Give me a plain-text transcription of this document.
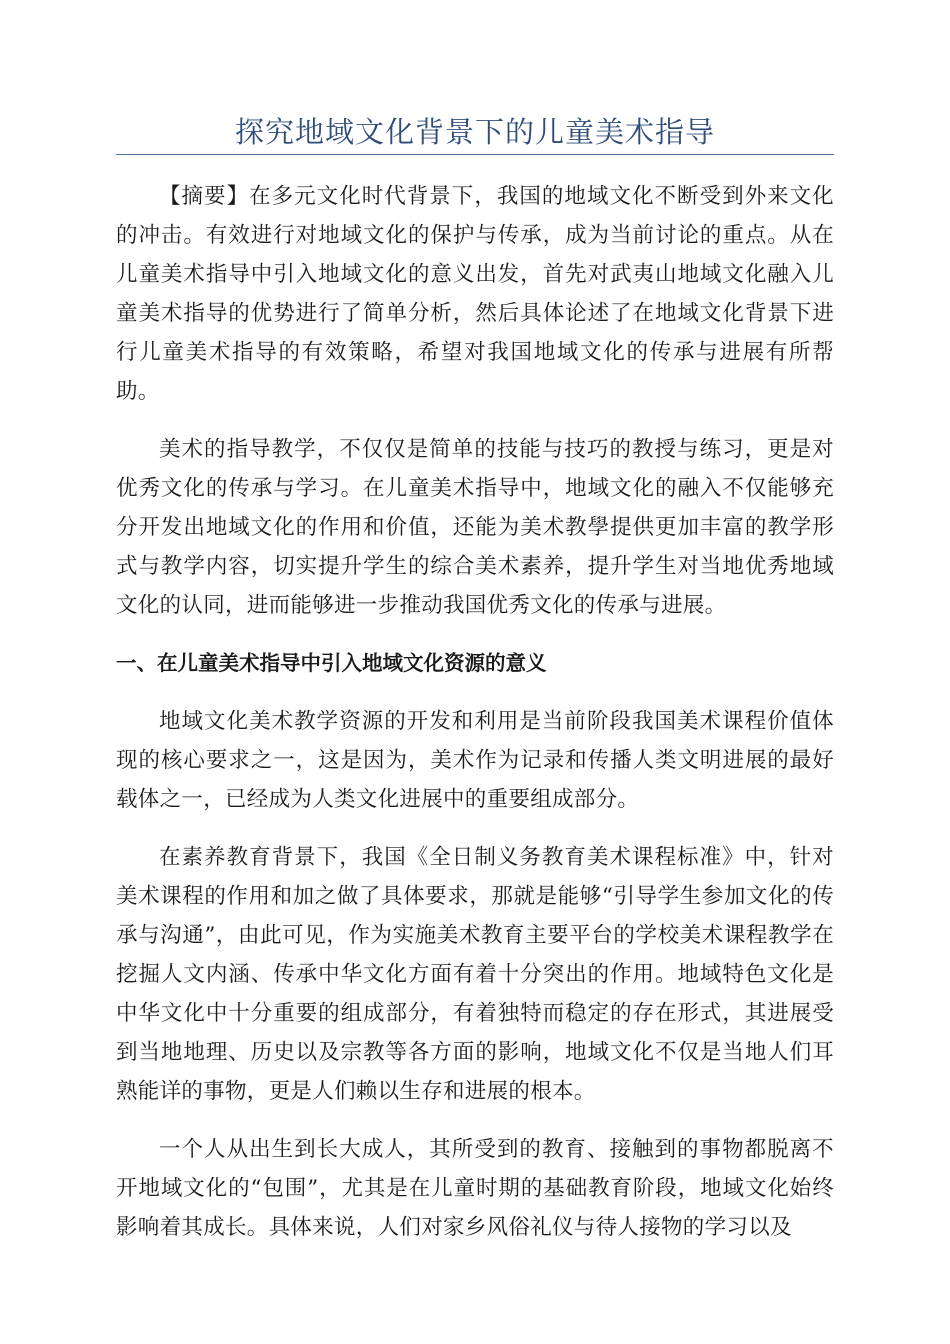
探究地域文化背景下的儿童美术指导

【摘要】在多元文化时代背景下，我国的地域文化不断受到外来文化的冲击。有效进行对地域文化的保护与传承，成为当前讨论的重点。从在儿童美术指导中引入地域文化的意义出发，首先对武夷山地域文化融入儿童美术指导的优势进行了简单分析，然后具体论述了在地域文化背景下进行儿童美术指导的有效策略，希望对我国地域文化的传承与进展有所帮助。

美术的指导教学，不仅仅是简单的技能与技巧的教授与练习，更是对优秀文化的传承与学习。在儿童美术指导中，地域文化的融入不仅能够充分开发出地域文化的作用和价值，还能为美术教學提供更加丰富的教学形式与教学内容，切实提升学生的综合美术素养，提升学生对当地优秀地域文化的认同，进而能够进一步推动我国优秀文化的传承与进展。

一、在儿童美术指导中引入地域文化资源的意义

地域文化美术教学资源的开发和利用是当前阶段我国美术课程价值体现的核心要求之一，这是因为，美术作为记录和传播人类文明进展的最好载体之一，已经成为人类文化进展中的重要组成部分。

在素养教育背景下，我国《全日制义务教育美术课程标准》中，针对美术课程的作用和加之做了具体要求，那就是能够“引导学生参加文化的传承与沟通”，由此可见，作为实施美术教育主要平台的学校美术课程教学在挖掘人文内涵、传承中华文化方面有着十分突出的作用。地域特色文化是中华文化中十分重要的组成部分，有着独特而稳定的存在形式，其进展受到当地地理、历史以及宗教等各方面的影响，地域文化不仅是当地人们耳熟能详的事物，更是人们赖以生存和进展的根本。

一个人从出生到长大成人，其所受到的教育、接触到的事物都脱离不开地域文化的“包围”，尤其是在儿童时期的基础教育阶段，地域文化始终影响着其成长。具体来说，人们对家乡风俗礼仪与待人接物的学习以及
